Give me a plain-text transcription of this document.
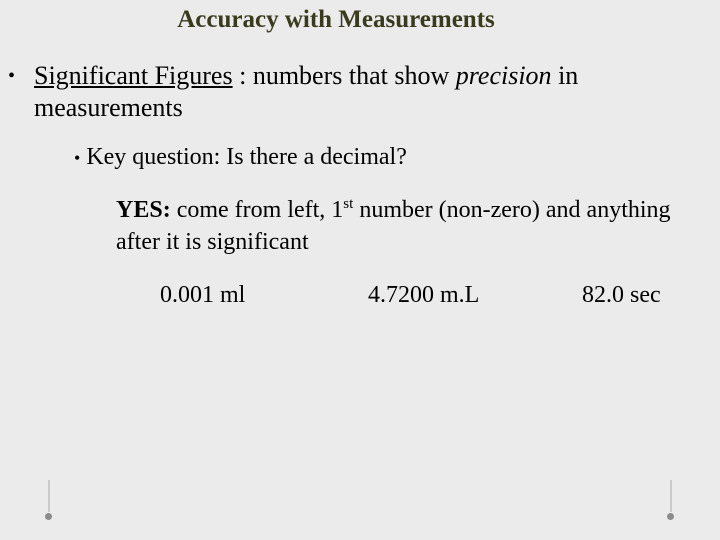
Accuracy with Measurements
• Significant Figures : numbers that show precision in measurements
• Key question: Is there a decimal?
YES: come from left, 1st number (non-zero) and anything after it is significant
0.001 ml	4.7200 m.L	82.0 sec
